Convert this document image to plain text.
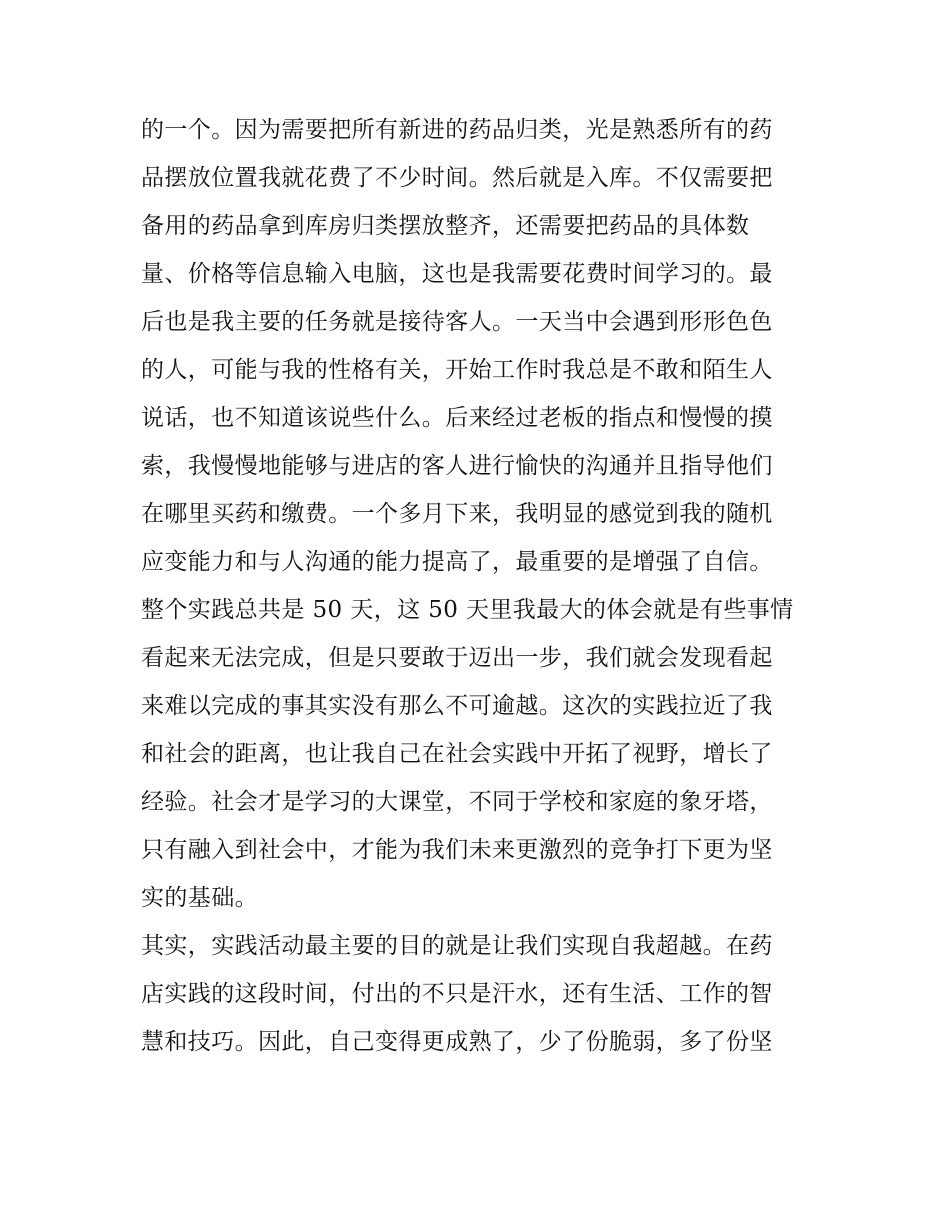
的一个。因为需要把所有新进的药品归类，光是熟悉所有的药
品摆放位置我就花费了不少时间。然后就是入库。不仅需要把
备用的药品拿到库房归类摆放整齐，还需要把药品的具体数
量、价格等信息输入电脑，这也是我需要花费时间学习的。最
后也是我主要的任务就是接待客人。一天当中会遇到形形色色
的人，可能与我的性格有关，开始工作时我总是不敢和陌生人
说话，也不知道该说些什么。后来经过老板的指点和慢慢的摸
索，我慢慢地能够与进店的客人进行愉快的沟通并且指导他们
在哪里买药和缴费。一个多月下来，我明显的感觉到我的随机
应变能力和与人沟通的能力提高了，最重要的是增强了自信。
整个实践总共是 50 天，这 50 天里我最大的体会就是有些事情
看起来无法完成，但是只要敢于迈出一步，我们就会发现看起
来难以完成的事其实没有那么不可逾越。这次的实践拉近了我
和社会的距离，也让我自己在社会实践中开拓了视野，增长了
经验。社会才是学习的大课堂，不同于学校和家庭的象牙塔，
只有融入到社会中，才能为我们未来更激烈的竞争打下更为坚
实的基础。
其实，实践活动最主要的目的就是让我们实现自我超越。在药
店实践的这段时间，付出的不只是汗水，还有生活、工作的智
慧和技巧。因此，自己变得更成熟了，少了份脆弱，多了份坚
